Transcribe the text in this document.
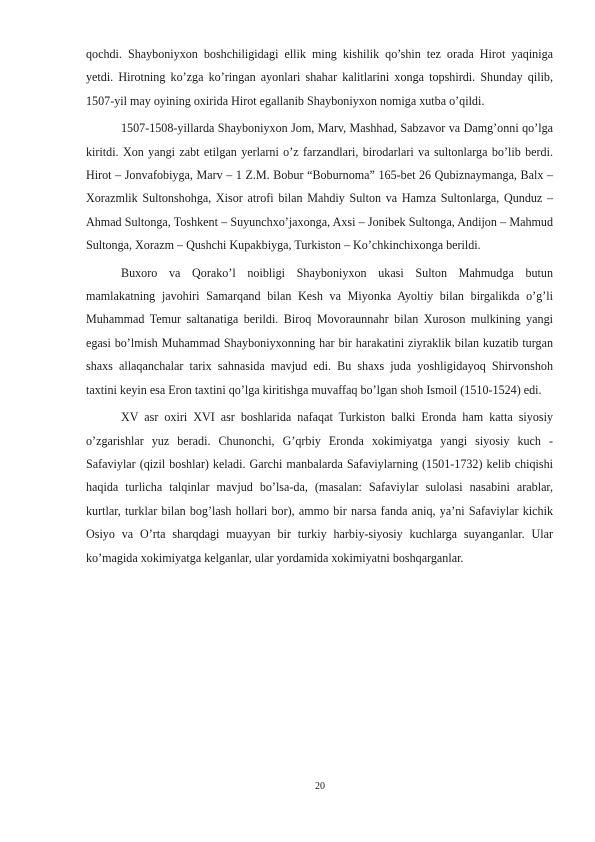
qochdi. Shayboniyxon boshchiligidagi ellik ming kishilik qo’shin tez orada Hirot yaqiniga yetdi. Hirotning ko’zga ko’ringan ayonlari shahar kalitlarini xonga topshirdi. Shunday qilib, 1507-yil may oyining oxirida Hirot egallanib Shayboniyxon nomiga xutba o’qildi.

1507-1508-yillarda Shayboniyxon Jom, Marv, Mashhad, Sabzavor va Damg’onni qo’lga kiritdi. Xon yangi zabt etilgan yerlarni o’z farzandlari, birodarlari va sultonlarga bo’lib berdi. Hirot – Jonvafobiyga, Marv – 1 Z.M. Bobur “Boburnoma” 165-bet 26 Qubiznaymanga, Balx – Xorazmlik Sultonshohga, Xisor atrofi bilan Mahdiy Sulton va Hamza Sultonlarga, Qunduz – Ahmad Sultonga, Toshkent – Suyunchxo’jaxonga, Axsi – Jonibek Sultonga, Andijon – Mahmud Sultonga, Xorazm – Qushchi Kupakbiyga, Turkiston – Ko’chkinchixonga berildi.

Buxoro va Qorako’l noibligi Shayboniyxon ukasi Sulton Mahmudga butun mamlakatning javohiri Samarqand bilan Kesh va Miyonka Ayoltiy bilan birgalikda o’g’li Muhammad Temur saltanatiga berildi. Biroq Movoraunnahr bilan Xuroson mulkining yangi egasi bo’lmish Muhammad Shayboniyxonning har bir harakatini ziyraklik bilan kuzatib turgan shaxs allaqanchalar tarix sahnasida mavjud edi. Bu shaxs juda yoshligidayoq Shirvonshoh taxtini keyin esa Eron taxtini qo’lga kiritishga muvaffaq bo’lgan shoh Ismoil (1510-1524) edi.

XV asr oxiri XVI asr boshlarida nafaqat Turkiston balki Eronda ham katta siyosiy o’zgarishlar yuz beradi. Chunonchi, G’qrbiy Eronda xokimiyatga yangi siyosiy kuch - Safaviylar (qizil boshlar) keladi. Garchi manbalarda Safaviylarning (1501-1732) kelib chiqishi haqida turlicha talqinlar mavjud bo’lsa-da, (masalan: Safaviylar sulolasi nasabini arablar, kurtlar, turklar bilan bog’lash hollari bor), ammo bir narsa fanda aniq, ya’ni Safaviylar kichik Osiyo va O’rta sharqdagi muayyan bir turkiy harbiy-siyosiy kuchlarga suyanganlar. Ular ko’magida xokimiyatga kelganlar, ular yordamida xokimiyatni boshqarganlar.

20
